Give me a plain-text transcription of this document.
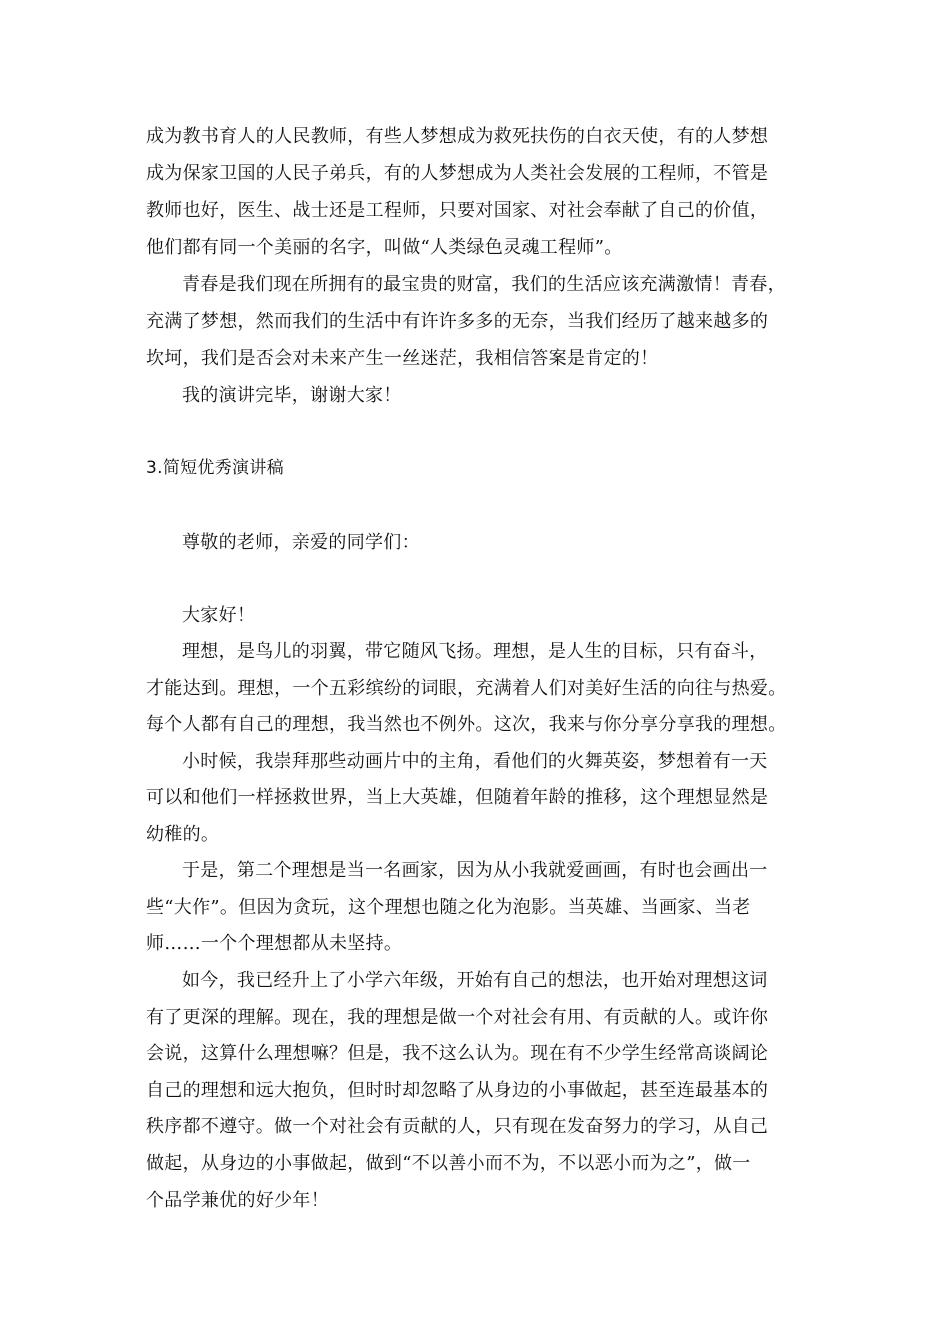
成为教书育人的人民教师，有些人梦想成为救死扶伤的白衣天使，有的人梦想
成为保家卫国的人民子弟兵，有的人梦想成为人类社会发展的工程师，不管是
教师也好，医生、战士还是工程师，只要对国家、对社会奉献了自己的价值，
他们都有同一个美丽的名字，叫做“人类绿色灵魂工程师”。
青春是我们现在所拥有的最宝贵的财富，我们的生活应该充满激情！青春，
充满了梦想，然而我们的生活中有许许多多的无奈，当我们经历了越来越多的
坎坷，我们是否会对未来产生一丝迷茫，我相信答案是肯定的！
我的演讲完毕，谢谢大家！
3.简短优秀演讲稿
尊敬的老师，亲爱的同学们：
大家好！
理想，是鸟儿的羽翼，带它随风飞扬。理想，是人生的目标，只有奋斗，
才能达到。理想，一个五彩缤纷的词眼，充满着人们对美好生活的向往与热爱。
每个人都有自己的理想，我当然也不例外。这次，我来与你分享分享我的理想。
小时候，我崇拜那些动画片中的主角，看他们的火舞英姿，梦想着有一天
可以和他们一样拯救世界，当上大英雄，但随着年龄的推移，这个理想显然是
幼稚的。
于是，第二个理想是当一名画家，因为从小我就爱画画，有时也会画出一
些“大作”。但因为贪玩，这个理想也随之化为泡影。当英雄、当画家、当老
师……一个个理想都从未坚持。
如今，我已经升上了小学六年级，开始有自己的想法，也开始对理想这词
有了更深的理解。现在，我的理想是做一个对社会有用、有贡献的人。或许你
会说，这算什么理想嘛？但是，我不这么认为。现在有不少学生经常高谈阔论
自己的理想和远大抱负，但时时却忽略了从身边的小事做起，甚至连最基本的
秩序都不遵守。做一个对社会有贡献的人，只有现在发奋努力的学习，从自己
做起，从身边的小事做起，做到“不以善小而不为，不以恶小而为之”，做一
个品学兼优的好少年！
